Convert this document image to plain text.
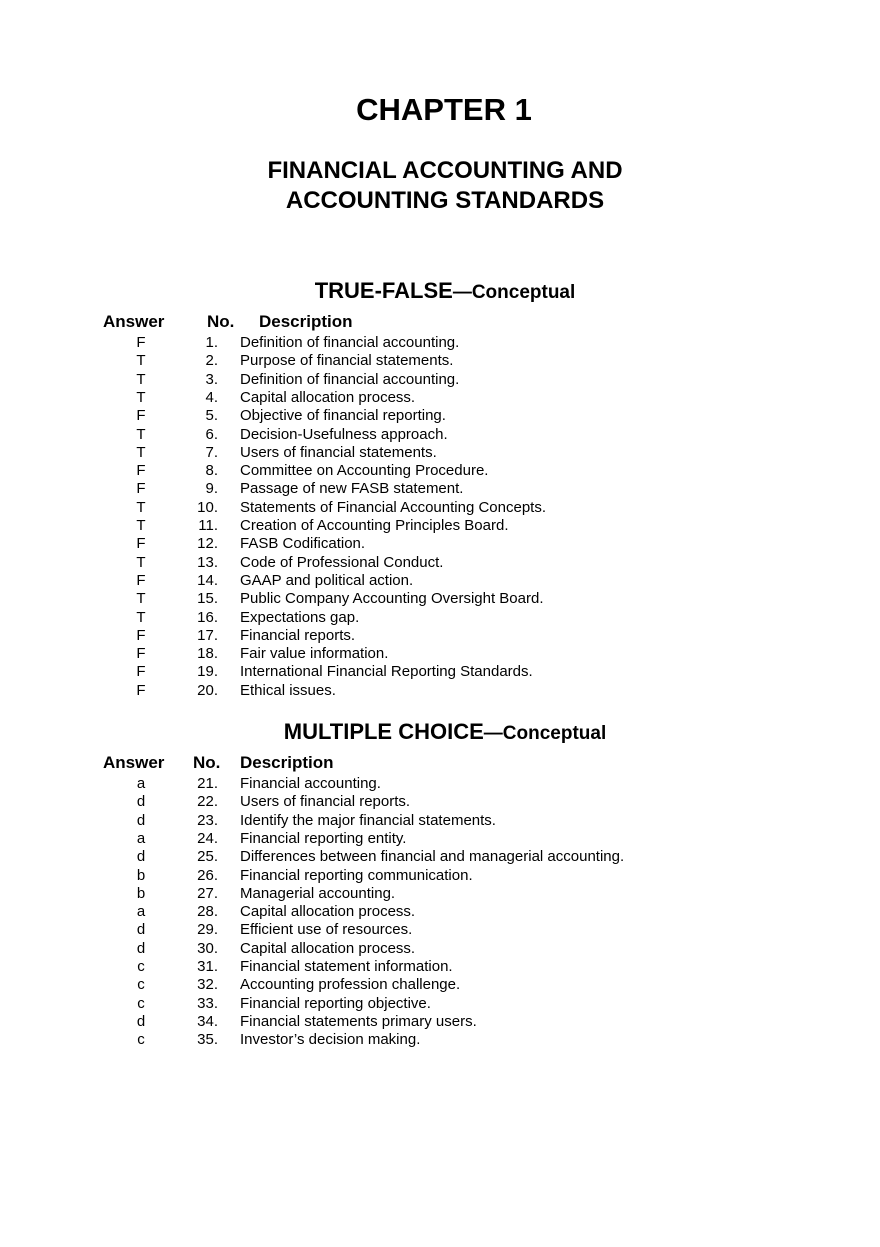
CHAPTER 1
FINANCIAL ACCOUNTING AND
ACCOUNTING STANDARDS
TRUE-FALSE—Conceptual
Answer	No. Description
F	1. Definition of financial accounting.
T	2. Purpose of financial statements.
T	3. Definition of financial accounting.
T	4. Capital allocation process.
F	5. Objective of financial reporting.
T	6. Decision-Usefulness approach.
T	7. Users of financial statements.
F	8. Committee on Accounting Procedure.
F	9. Passage of new FASB statement.
T	10. Statements of Financial Accounting Concepts.
T	11. Creation of Accounting Principles Board.
F	12. FASB Codification.
T	13. Code of Professional Conduct.
F	14. GAAP and political action.
T	15. Public Company Accounting Oversight Board.
T	16. Expectations gap.
F	17. Financial reports.
F	18. Fair value information.
F	19. International Financial Reporting Standards.
F	20. Ethical issues.
MULTIPLE CHOICE—Conceptual
Answer No. Description
a	21. Financial accounting.
d	22. Users of financial reports.
d	23. Identify the major financial statements.
a	24. Financial reporting entity.
d	25. Differences between financial and managerial accounting.
b	26. Financial reporting communication.
b	27. Managerial accounting.
a	28. Capital allocation process.
d	29. Efficient use of resources.
d	30. Capital allocation process.
c	31. Financial statement information.
c	32. Accounting profession challenge.
c	33. Financial reporting objective.
d	34. Financial statements primary users.
c	35. Investor’s decision making.
